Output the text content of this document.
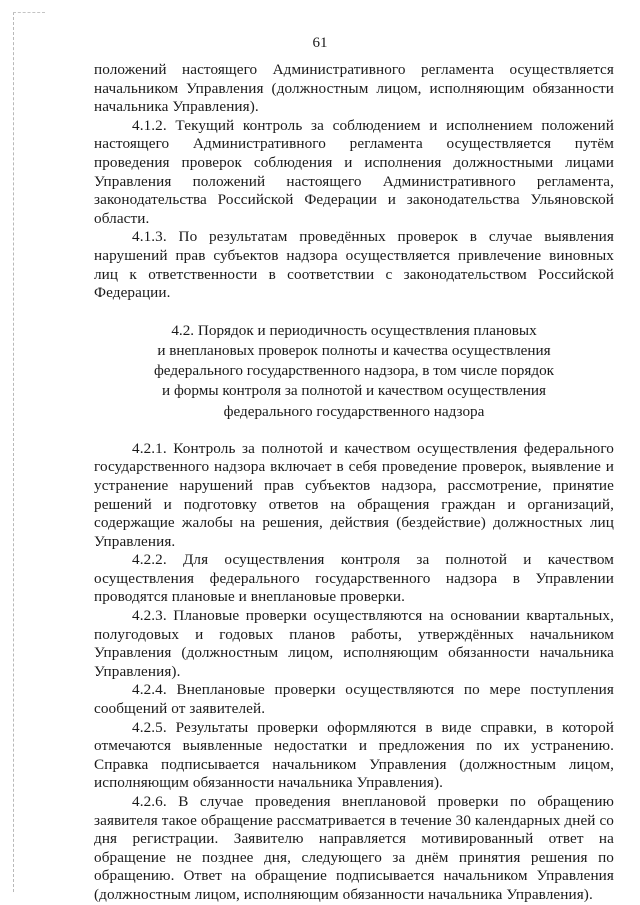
61

положений настоящего Административного регламента осуществляется начальником Управления (должностным лицом, исполняющим обязанности начальника Управления).

4.1.2. Текущий контроль за соблюдением и исполнением положений настоящего Административного регламента осуществляется путём проведения проверок соблюдения и исполнения должностными лицами Управления положений настоящего Административного регламента, законодательства Российской Федерации и законодательства Ульяновской области.

4.1.3. По результатам проведённых проверок в случае выявления нарушений прав субъектов надзора осуществляется привлечение виновных лиц к ответственности в соответствии с законодательством Российской Федерации.

4.2. Порядок и периодичность осуществления плановых
и внеплановых проверок полноты и качества осуществления
федерального государственного надзора, в том числе порядок
и формы контроля за полнотой и качеством осуществления
федерального государственного надзора

4.2.1. Контроль за полнотой и качеством осуществления федерального государственного надзора включает в себя проведение проверок, выявление и устранение нарушений прав субъектов надзора, рассмотрение, принятие решений и подготовку ответов на обращения граждан и организаций, содержащие жалобы на решения, действия (бездействие) должностных лиц Управления.

4.2.2. Для осуществления контроля за полнотой и качеством осуществления федерального государственного надзора в Управлении проводятся плановые и внеплановые проверки.

4.2.3. Плановые проверки осуществляются на основании квартальных, полугодовых и годовых планов работы, утверждённых начальником Управления (должностным лицом, исполняющим обязанности начальника Управления).

4.2.4. Внеплановые проверки осуществляются по мере поступления сообщений от заявителей.

4.2.5. Результаты проверки оформляются в виде справки, в которой отмечаются выявленные недостатки и предложения по их устранению. Справка подписывается начальником Управления (должностным лицом, исполняющим обязанности начальника Управления).

4.2.6. В случае проведения внеплановой проверки по обращению заявителя такое обращение рассматривается в течение 30 календарных дней со дня регистрации. Заявителю направляется мотивированный ответ на обращение не позднее дня, следующего за днём принятия решения по обращению. Ответ на обращение подписывается начальником Управления (должностным лицом, исполняющим обязанности начальника Управления).
